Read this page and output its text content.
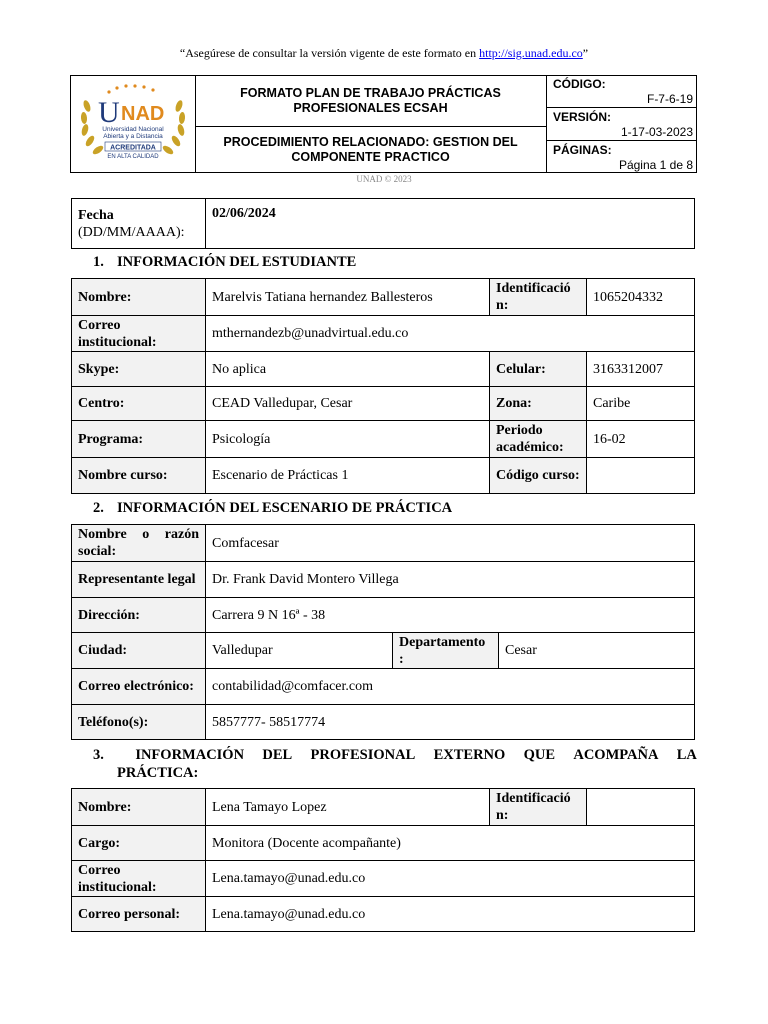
“Asegúrese de consultar la versión vigente de este formato en http://sig.unad.edu.co”
U NAD
Universidad Nacional
Abierta y a Distancia
ACREDITADA
EN ALTA CALIDAD
FORMATO PLAN DE TRABAJO PRÁCTICAS PROFESIONALES ECSAH
PROCEDIMIENTO RELACIONADO: GESTION DEL COMPONENTE PRACTICO
CÓDIGO:
F-7-6-19
VERSIÓN:
1-17-03-2023
PÁGINAS:
Página 1 de 8
UNAD © 2023
Fecha
(DD/MM/AAAA):	02/06/2024
1. INFORMACIÓN DEL ESTUDIANTE
Nombre:	Marelvis Tatiana hernandez Ballesteros	Identificació n:	1065204332
Correo institucional:	mthernandezb@unadvirtual.edu.co		
Skype:	No aplica	Celular:	3163312007
Centro:	CEAD Valledupar, Cesar	Zona:	Caribe
Programa:	Psicología	Periodo académico:	16-02
Nombre curso:	Escenario de Prácticas 1	Código curso:	
2. INFORMACIÓN DEL ESCENARIO DE PRÁCTICA
Nombre o razón social:	Comfacesar		
Representante legal	Dr. Frank David Montero Villega		
Dirección:	Carrera 9 N 16ª - 38		
Ciudad:	Valledupar	Departamento :	Cesar
Correo electrónico:	contabilidad@comfacer.com		
Teléfono(s):	5857777- 58517774		
3.	INFORMACIÓN DEL PROFESIONAL EXTERNO QUE ACOMPAÑA LA
PRÁCTICA:
Nombre:	Lena Tamayo Lopez	Identificació n:	
Cargo:	Monitora (Docente acompañante)		
Correo institucional:	Lena.tamayo@unad.edu.co		
Correo personal:	Lena.tamayo@unad.edu.co		
